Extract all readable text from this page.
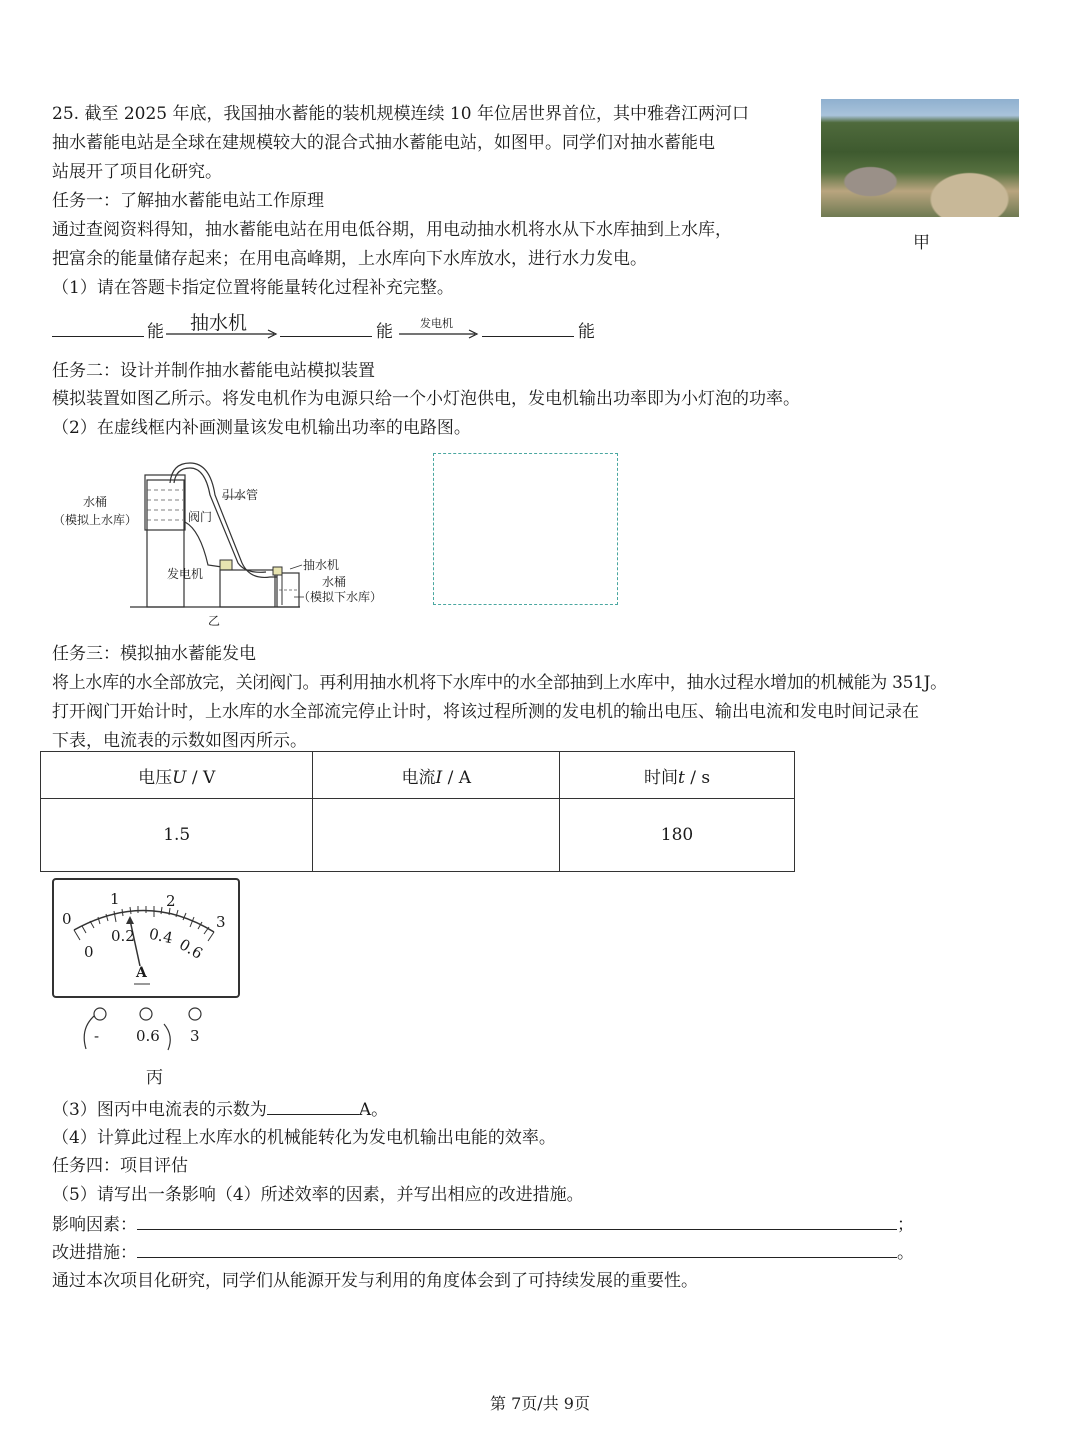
25. 截至 2025 年底，我国抽水蓄能的装机规模连续 10 年位居世界首位，其中雅砻江两河口
抽水蓄能电站是全球在建规模较大的混合式抽水蓄能电站，如图甲。同学们对抽水蓄能电
站展开了项目化研究。
甲
任务一：了解抽水蓄能电站工作原理
通过查阅资料得知，抽水蓄能电站在用电低谷期，用电动抽水机将水从下水库抽到上水库，
把富余的能量储存起来；在用电高峰期，上水库向下水库放水，进行水力发电。
（1）请在答题卡指定位置将能量转化过程补充完整。
能 抽水机	能 发电机	能
任务二：设计并制作抽水蓄能电站模拟装置
模拟装置如图乙所示。将发电机作为电源只给一个小灯泡供电，发电机输出功率即为小灯泡的功率。
（2）在虚线框内补画测量该发电机输出功率的电路图。
水桶
（模拟上水库）
引水管
阀门
发电机
抽水机
水桶
（模拟下水库）
乙
任务三：模拟抽水蓄能发电
将上水库的水全部放完，关闭阀门。再利用抽水机将下水库中的水全部抽到上水库中，抽水过程水增加的机械能为 351J。
打开阀门开始计时，上水库的水全部流完停止计时，将该过程所测的发电机的输出电压、输出电流和发电时间记录在
下表，电流表的示数如图丙所示。
电压U / V	电流I / A	时间t / s
1.5		180
0
1	2
3
0
0.2 0.4 0.6
A
- 0.6 3
丙
（3）图丙中电流表的示数为	A。
（4）计算此过程上水库水的机械能转化为发电机输出电能的效率。
任务四：项目评估
（5）请写出一条影响（4）所述效率的因素，并写出相应的改进措施。
影响因素：	；
改进措施：	。
通过本次项目化研究，同学们从能源开发与利用的角度体会到了可持续发展的重要性。
第 7页/共 9页
